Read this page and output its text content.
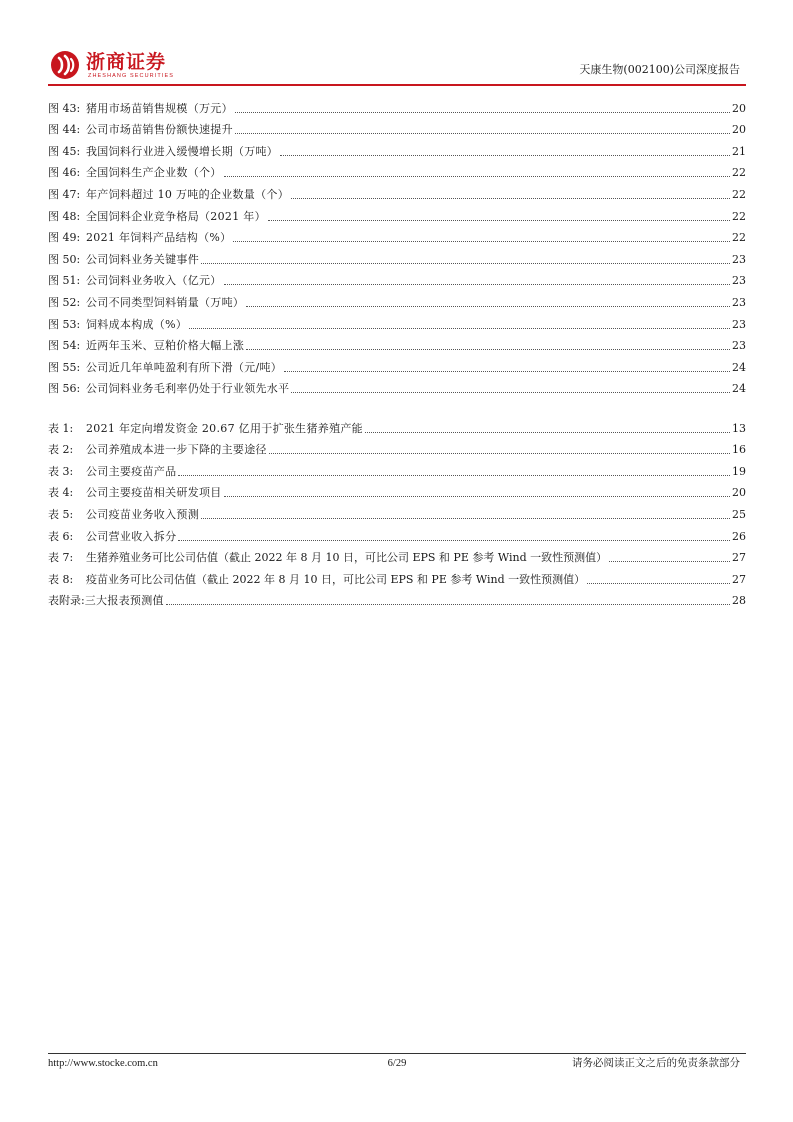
浙商证券
ZHESHANG SECURITIES	天康生物(002100)公司深度报告
图 43: 猪用市场苗销售规模（万元）	20
图 44: 公司市场苗销售份额快速提升	20
图 45: 我国饲料行业进入缓慢增长期（万吨）	21
图 46: 全国饲料生产企业数（个）	22
图 47: 年产饲料超过 10 万吨的企业数量（个）	22
图 48: 全国饲料企业竞争格局（2021 年）	22
图 49: 2021 年饲料产品结构（%）	22
图 50: 公司饲料业务关键事件	23
图 51: 公司饲料业务收入（亿元）	23
图 52: 公司不同类型饲料销量（万吨）	23
图 53: 饲料成本构成（%）	23
图 54: 近两年玉米、豆粕价格大幅上涨	23
图 55: 公司近几年单吨盈利有所下滑（元/吨）	24
图 56: 公司饲料业务毛利率仍处于行业领先水平	24
表 1:	2021 年定向增发资金 20.67 亿用于扩张生猪养殖产能	13
表 2:	公司养殖成本进一步下降的主要途径	16
表 3:	公司主要疫苗产品	19
表 4:	公司主要疫苗相关研发项目	20
表 5:	公司疫苗业务收入预测	25
表 6:	公司营业收入拆分	26
表 7:	生猪养殖业务可比公司估值（截止 2022 年 8 月 10 日，可比公司 EPS 和 PE 参考 Wind 一致性预测值）	27
表 8:	疫苗业务可比公司估值（截止 2022 年 8 月 10 日，可比公司 EPS 和 PE 参考 Wind 一致性预测值）	27
表附录: 三大报表预测值	28
http://www.stocke.com.cn	6/29	请务必阅读正文之后的免责条款部分
